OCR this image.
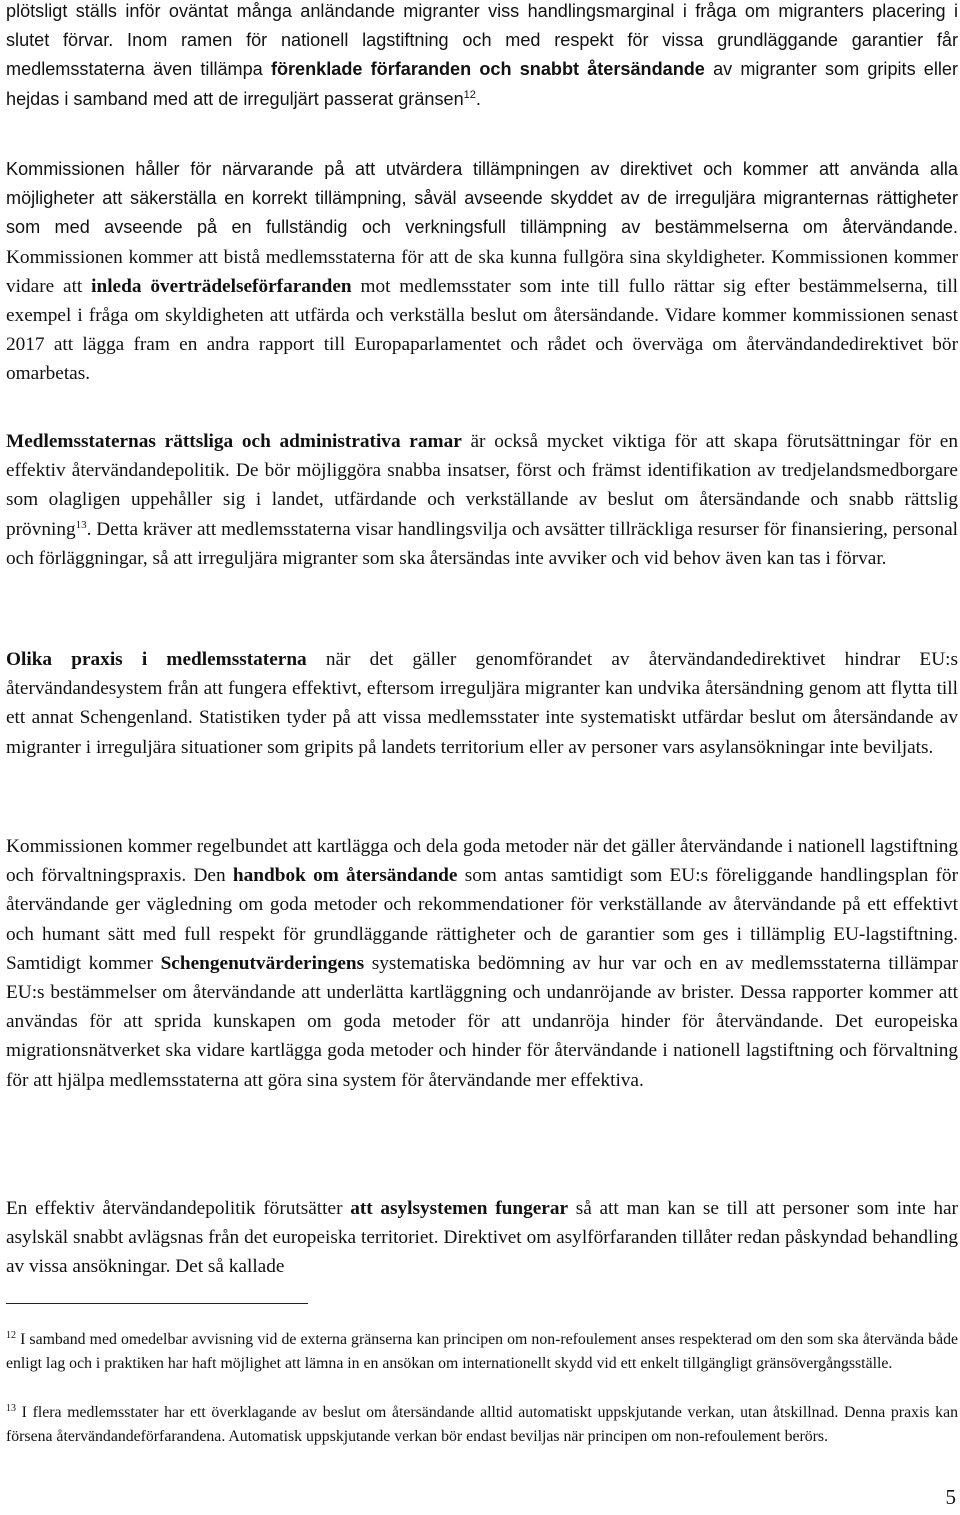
plötsligt ställs inför oväntat många anländande migranter viss handlingsmarginal i fråga om migranters placering i slutet förvar. Inom ramen för nationell lagstiftning och med respekt för vissa grundläggande garantier får medlemsstaterna även tillämpa förenklade förfaranden och snabbt återsändande av migranter som gripits eller hejdas i samband med att de irreguljärt passerat gränsen$^{12}$.

Kommissionen håller för närvarande på att utvärdera tillämpningen av direktivet och kommer att använda alla möjligheter att säkerställa en korrekt tillämpning, såväl avseende skyddet av de irreguljära migranternas rättigheter som med avseende på en fullständig och verkningsfull tillämpning av bestämmelserna om återvändande. Kommissionen kommer att bistå medlemsstaterna för att de ska kunna fullgöra sina skyldigheter. Kommissionen kommer vidare att inleda överträdelseförfaranden mot medlemsstater som inte till fullo rättar sig efter bestämmelserna, till exempel i fråga om skyldigheten att utfärda och verkställa beslut om återsändande. Vidare kommer kommissionen senast 2017 att lägga fram en andra rapport till Europaparlamentet och rådet och överväga om återvändandedirektivet bör omarbetas.

Medlemsstaternas rättsliga och administrativa ramar är också mycket viktiga för att skapa förutsättningar för en effektiv återvändandepolitik. De bör möjliggöra snabba insatser, först och främst identifikation av tredjelandsmedborgare som olagligen uppehåller sig i landet, utfärdande och verkställande av beslut om återsändande och snabb rättslig prövning$^{13}$. Detta kräver att medlemsstaterna visar handlingsvilja och avsätter tillräckliga resurser för finansiering, personal och förläggningar, så att irreguljära migranter som ska återsändas inte avviker och vid behov även kan tas i förvar.

Olika praxis i medlemsstaterna när det gäller genomförandet av återvändandedirektivet hindrar EU:s återvändandesystem från att fungera effektivt, eftersom irreguljära migranter kan undvika återsändning genom att flytta till ett annat Schengenland. Statistiken tyder på att vissa medlemsstater inte systematiskt utfärdar beslut om återsändande av migranter i irreguljära situationer som gripits på landets territorium eller av personer vars asylansökningar inte beviljats.

Kommissionen kommer regelbundet att kartlägga och dela goda metoder när det gäller återvändande i nationell lagstiftning och förvaltningspraxis. Den handbok om återsändande som antas samtidigt som EU:s föreliggande handlingsplan för återvändande ger vägledning om goda metoder och rekommendationer för verkställande av återvändande på ett effektivt och humant sätt med full respekt för grundläggande rättigheter och de garantier som ges i tillämplig EU-lagstiftning. Samtidigt kommer Schengenutvärderingens systematiska bedömning av hur var och en av medlemsstaterna tillämpar EU:s bestämmelser om återvändande att underlätta kartläggning och undanröjande av brister. Dessa rapporter kommer att användas för att sprida kunskapen om goda metoder för att undanröja hinder för återvändande. Det europeiska migrationsnätverket ska vidare kartlägga goda metoder och hinder för återvändande i nationell lagstiftning och förvaltning för att hjälpa medlemsstaterna att göra sina system för återvändande mer effektiva.

En effektiv återvändandepolitik förutsätter att asylsystemen fungerar så att man kan se till att personer som inte har asylskäl snabbt avlägsnas från det europeiska territoriet. Direktivet om asylförfaranden tillåter redan påskyndad behandling av vissa ansökningar. Det så kallade

$^{12}$ I samband med omedelbar avvisning vid de externa gränserna kan principen om non-refoulement anses respekterad om den som ska återvända både enligt lag och i praktiken har haft möjlighet att lämna in en ansökan om internationellt skydd vid ett enkelt tillgängligt gränsövergångsställe.

$^{13}$ I flera medlemsstater har ett överklagande av beslut om återsändande alltid automatiskt uppskjutande verkan, utan åtskillnad. Denna praxis kan försena återvändandeförfarandena. Automatisk uppskjutande verkan bör endast beviljas när principen om non-refoulement berörs.

5
